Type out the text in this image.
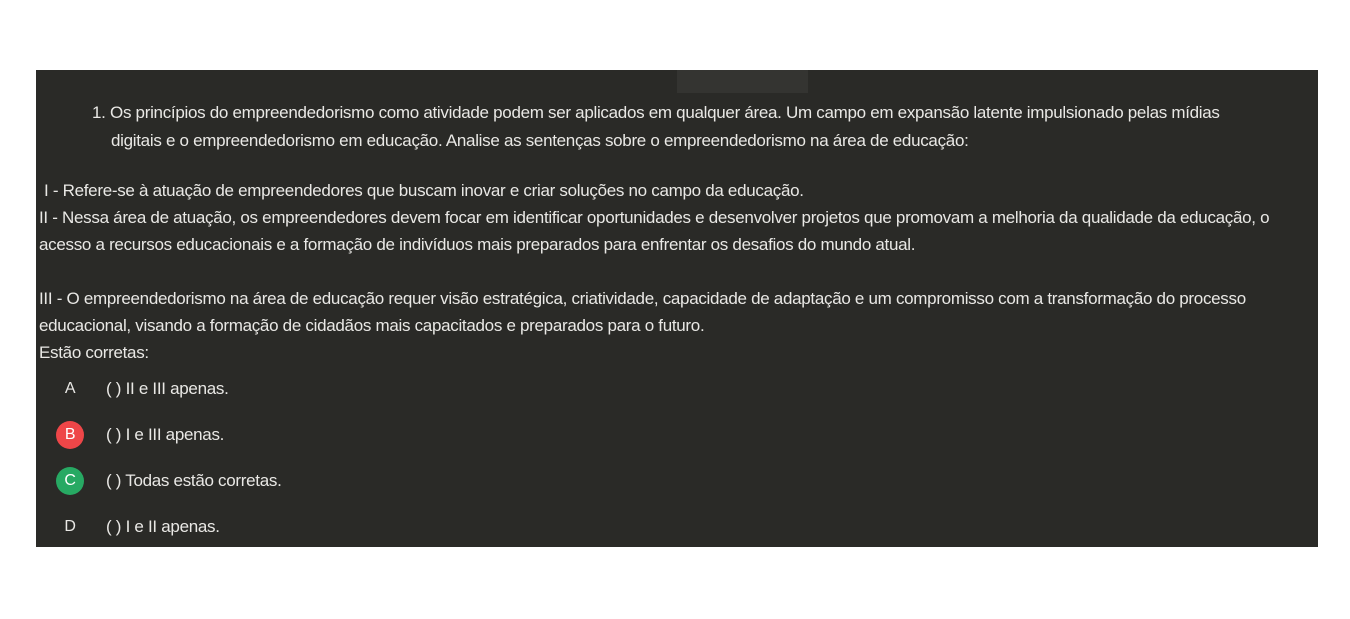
1. Os princípios do empreendedorismo como atividade podem ser aplicados em qualquer área. Um campo em expansão latente impulsionado pelas mídias digitais e o empreendedorismo em educação. Analise as sentenças sobre o empreendedorismo na área de educação:

I - Refere-se à atuação de empreendedores que buscam inovar e criar soluções no campo da educação.

II - Nessa área de atuação, os empreendedores devem focar em identificar oportunidades e desenvolver projetos que promovam a melhoria da qualidade da educação, o acesso a recursos educacionais e a formação de indivíduos mais preparados para enfrentar os desafios do mundo atual.

III - O empreendedorismo na área de educação requer visão estratégica, criatividade, capacidade de adaptação e um compromisso com a transformação do processo educacional, visando a formação de cidadãos mais capacitados e preparados para o futuro.

Estão corretas:

A	( ) II e III apenas.
B	( ) I e III apenas.
C	( ) Todas estão corretas.
D	( ) I e II apenas.
